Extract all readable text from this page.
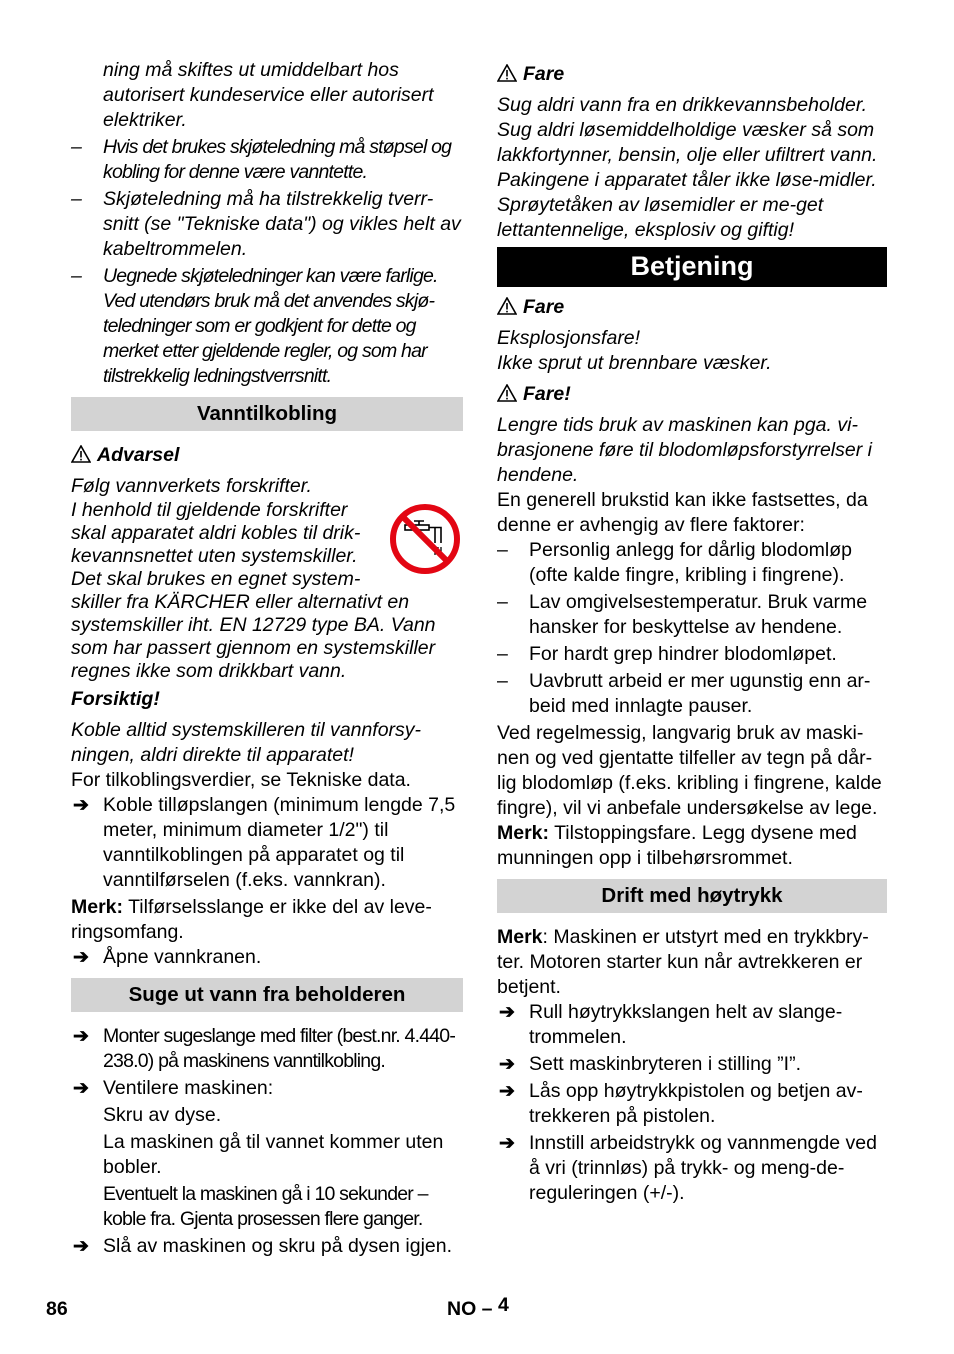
ning må skiftes ut umiddelbart hos autorisert kundeservice eller autorisert elektriker.

–	Hvis det brukes skjøteledning må støpsel og kobling for denne være vanntette.
–	Skjøteledning må ha tilstrekkelig tverr-snitt (se "Tekniske data") og vikles helt av kabeltrommelen.
–	Uegnede skjøteledninger kan være farlige. Ved utendørs bruk må det anvendes skjø-teledninger som er godkjent for dette og merket etter gjeldende regler, og som har tilstrekkelig ledningstverrsnitt.
Vanntilkobling

Advarsel

Følg vannverkets forskrifter.

I henhold til gjeldende forskrifter skal apparatet aldri kobles til drik-kevannsnettet uten systemskiller. Det skal brukes en egnet system-skiller fra KÄRCHER eller alternativt en systemskiller iht. EN 12729 type BA. Vann som har passert gjennom en systemskiller regnes ikke som drikkbart vann.

Forsiktig!

Koble alltid systemskilleren til vannforsy-ningen, aldri direkte til apparatet!

For tilkoblingsverdier, se Tekniske data.

➔ Koble tilløpslangen (minimum lengde 7,5 meter, minimum diameter 1/2") til vanntilkoblingen på apparatet og til vanntilførselen (f.eks. vannkran).

Merk: Tilførselsslange er ikke del av leve-ringsomfang.

➔ Åpne vannkranen.
Suge ut vann fra beholderen
➔ Monter sugeslange med filter (best.nr. 4.440-238.0) på maskinens vanntilkobling.
➔ Ventilere maskinen:

Skru av dyse.

La maskinen gå til vannet kommer uten bobler.

Eventuelt la maskinen gå i 10 sekunder – koble fra. Gjenta prosessen flere ganger.

➔ Slå av maskinen og skru på dysen igjen.

Fare

Sug aldri vann fra en drikkevannsbeholder. Sug aldri løsemiddelholdige væsker så som lakkfortynner, bensin, olje eller ufiltrert vann. Pakingene i apparatet tåler ikke løse-midler. Sprøytetåken av løsemidler er me-get lettantennelige, eksplosiv og giftig!

Betjening

Fare

Eksplosjonsfare!

Ikke sprut ut brennbare væsker.

Fare!

Lengre tids bruk av maskinen kan pga. vi-brasjonene føre til blodomløpsforstyrrelser i hendene.

En generell brukstid kan ikke fastsettes, da denne er avhengig av flere faktorer:

–	Personlig anlegg for dårlig blodomløp (ofte kalde fingre, kribling i fingrene).
–	Lav omgivelsestemperatur. Bruk varme hansker for beskyttelse av hendene.
–	For hardt grep hindrer blodomløpet.
–	Uavbrutt arbeid er mer ugunstig enn ar-beid med innlagte pauser.

Ved regelmessig, langvarig bruk av maski-nen og ved gjentatte tilfeller av tegn på dår-lig blodomløp (f.eks. kribling i fingrene, kalde fingre), vil vi anbefale undersøkelse av lege.

Merk: Tilstoppingsfare. Legg dysene med munningen opp i tilbehørsrommet.

Drift med høytrykk

Merk: Maskinen er utstyrt med en trykkbry-ter. Motoren starter kun når avtrekkeren er betjent.

➔ Rull høytrykkslangen helt av slange-trommelen.
➔ Sett maskinbryteren i stilling ”I”.
➔ Lås opp høytrykkpistolen og betjen av-trekkeren på pistolen.
➔ Innstill arbeidstrykk og vannmengde ved å vri (trinnløs) på trykk- og meng-de-reguleringen (+/-).
86	NO – 4
